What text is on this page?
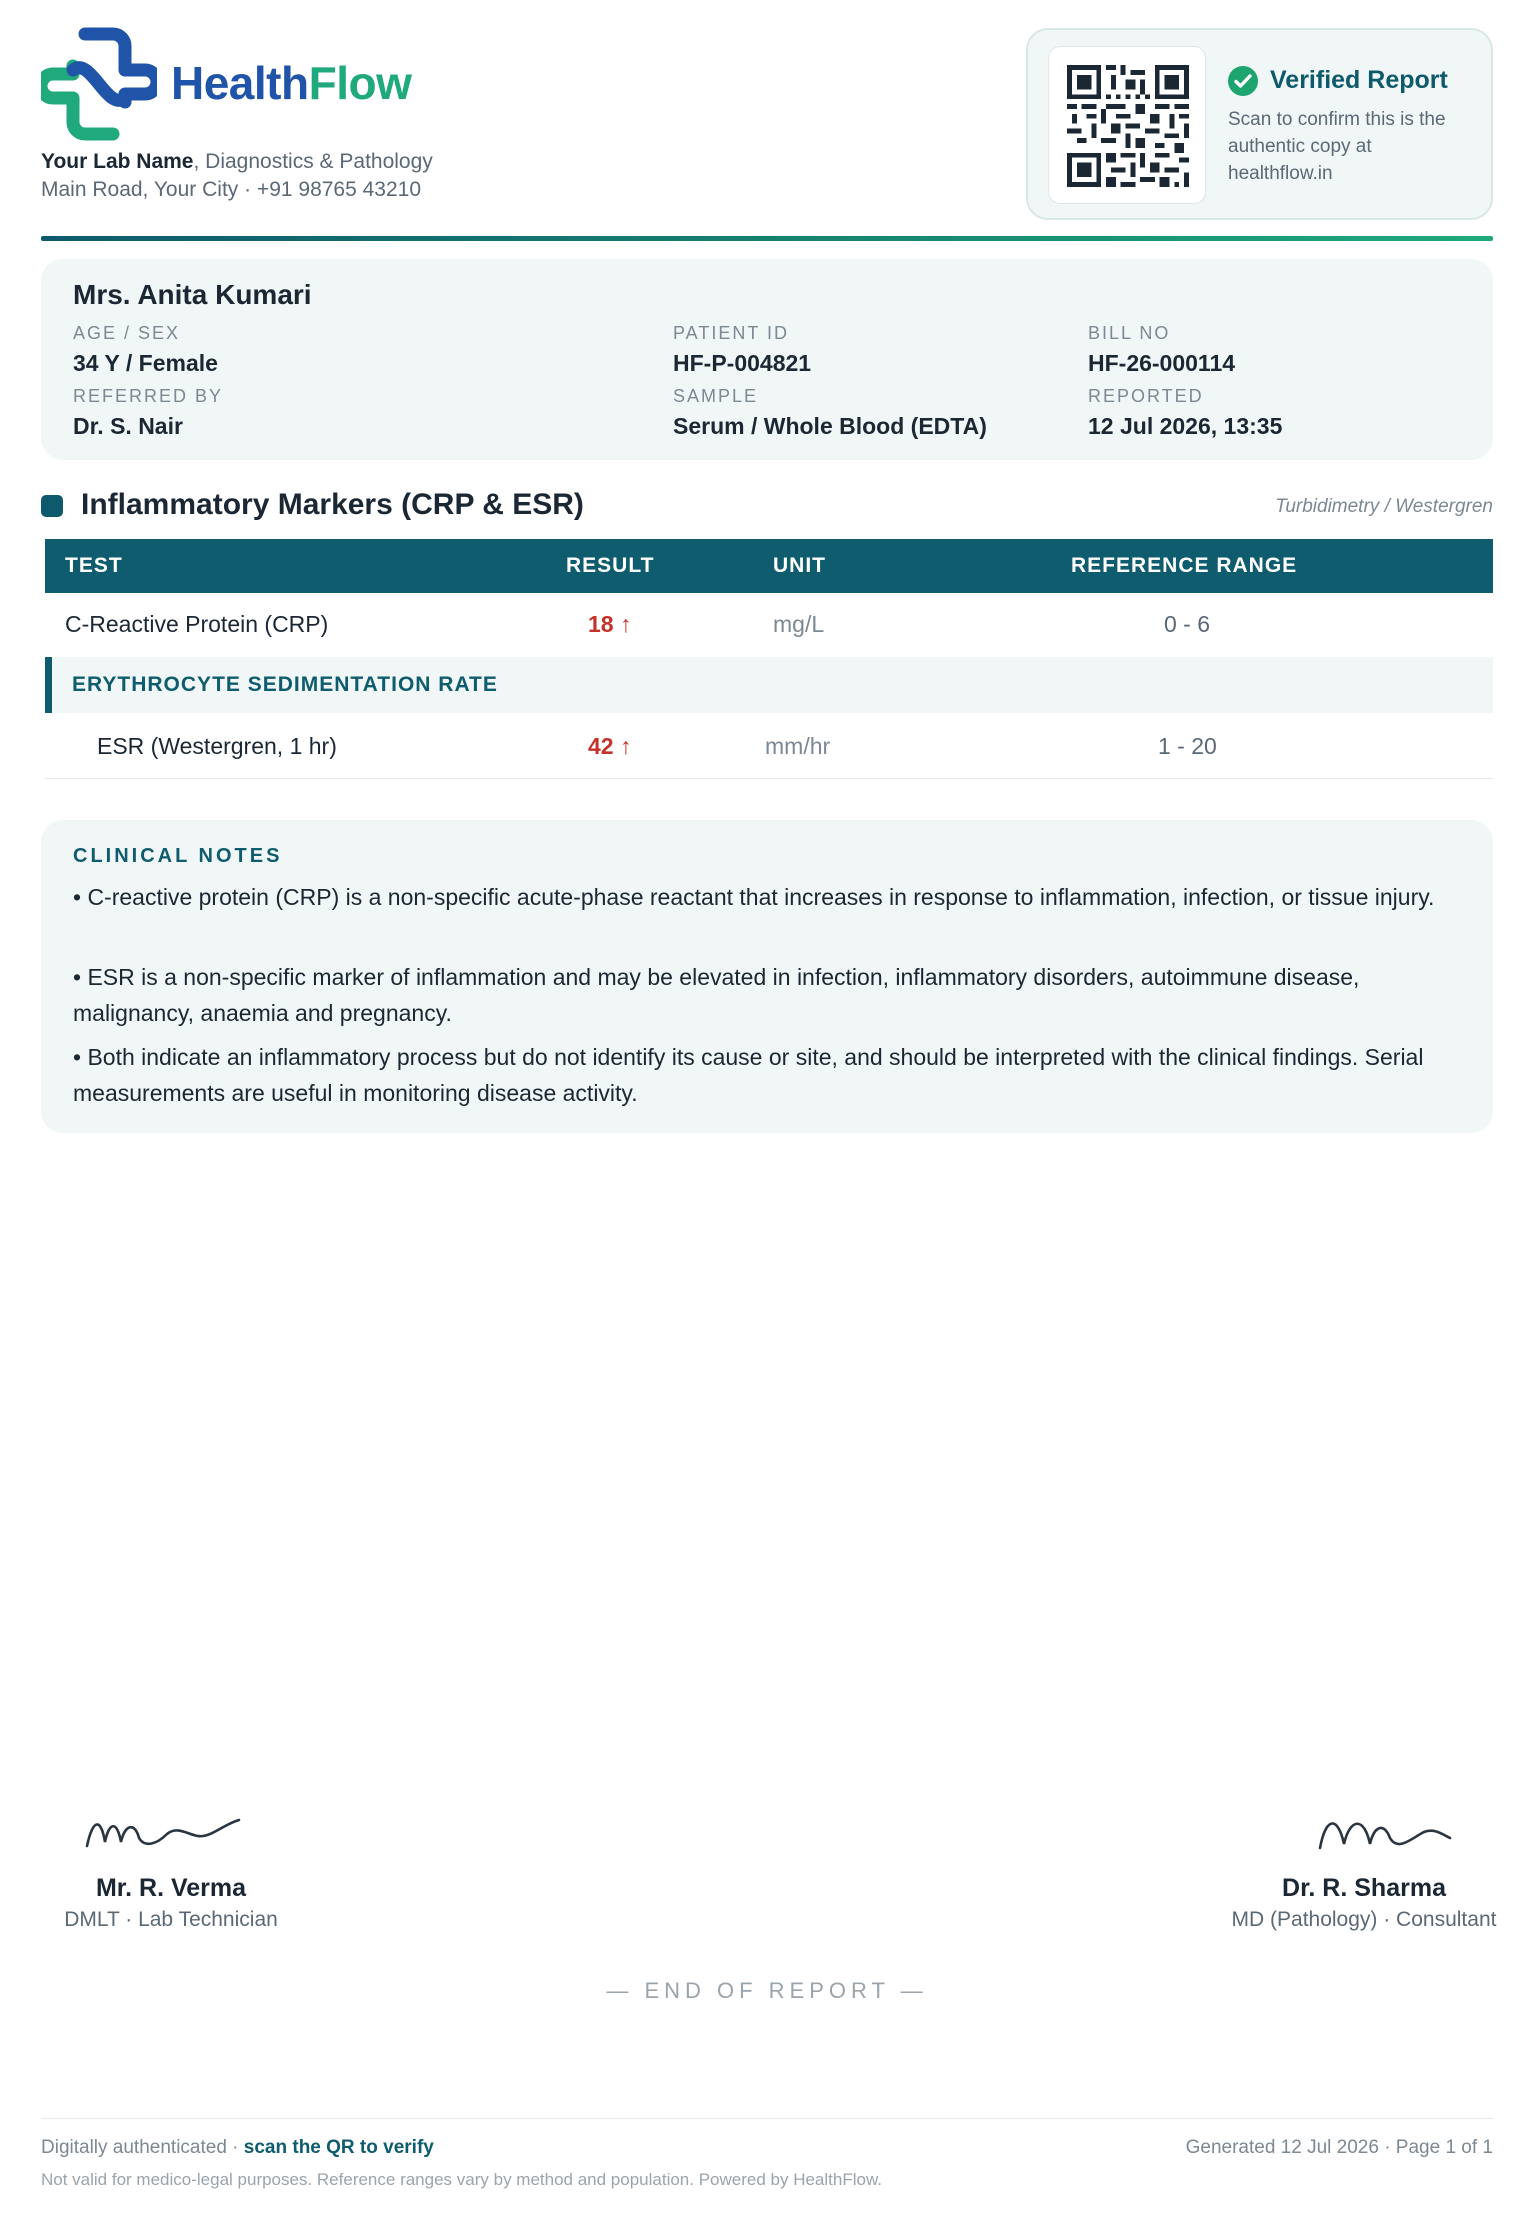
HealthFlow
Your Lab Name, Diagnostics & Pathology
Main Road, Your City · +91 98765 43210
Verified Report
Scan to confirm this is the authentic copy at healthflow.in
Mrs. Anita Kumari
AGE / SEX
34 Y / Female
PATIENT ID
HF-P-004821
BILL NO
HF-26-000114
REFERRED BY
Dr. S. Nair
SAMPLE
Serum / Whole Blood (EDTA)
REPORTED
12 Jul 2026, 13:35
Inflammatory Markers (CRP & ESR)	Turbidimetry / Westergren
TEST	RESULT	UNIT	REFERENCE RANGE
C-Reactive Protein (CRP)	18 ↑	mg/L	0 - 6
ERYTHROCYTE SEDIMENTATION RATE
ESR (Westergren, 1 hr)	42 ↑	mm/hr	1 - 20
CLINICAL NOTES
• C-reactive protein (CRP) is a non-specific acute-phase reactant that increases in response to inflammation, infection, or tissue injury.
• ESR is a non-specific marker of inflammation and may be elevated in infection, inflammatory disorders, autoimmune disease, malignancy, anaemia and pregnancy.
• Both indicate an inflammatory process but do not identify its cause or site, and should be interpreted with the clinical findings. Serial measurements are useful in monitoring disease activity.
Mr. R. Verma
DMLT · Lab Technician
Dr. R. Sharma
MD (Pathology) · Consultant
— END OF REPORT —
Digitally authenticated · scan the QR to verify	Generated 12 Jul 2026 · Page 1 of 1
Not valid for medico-legal purposes. Reference ranges vary by method and population. Powered by HealthFlow.
